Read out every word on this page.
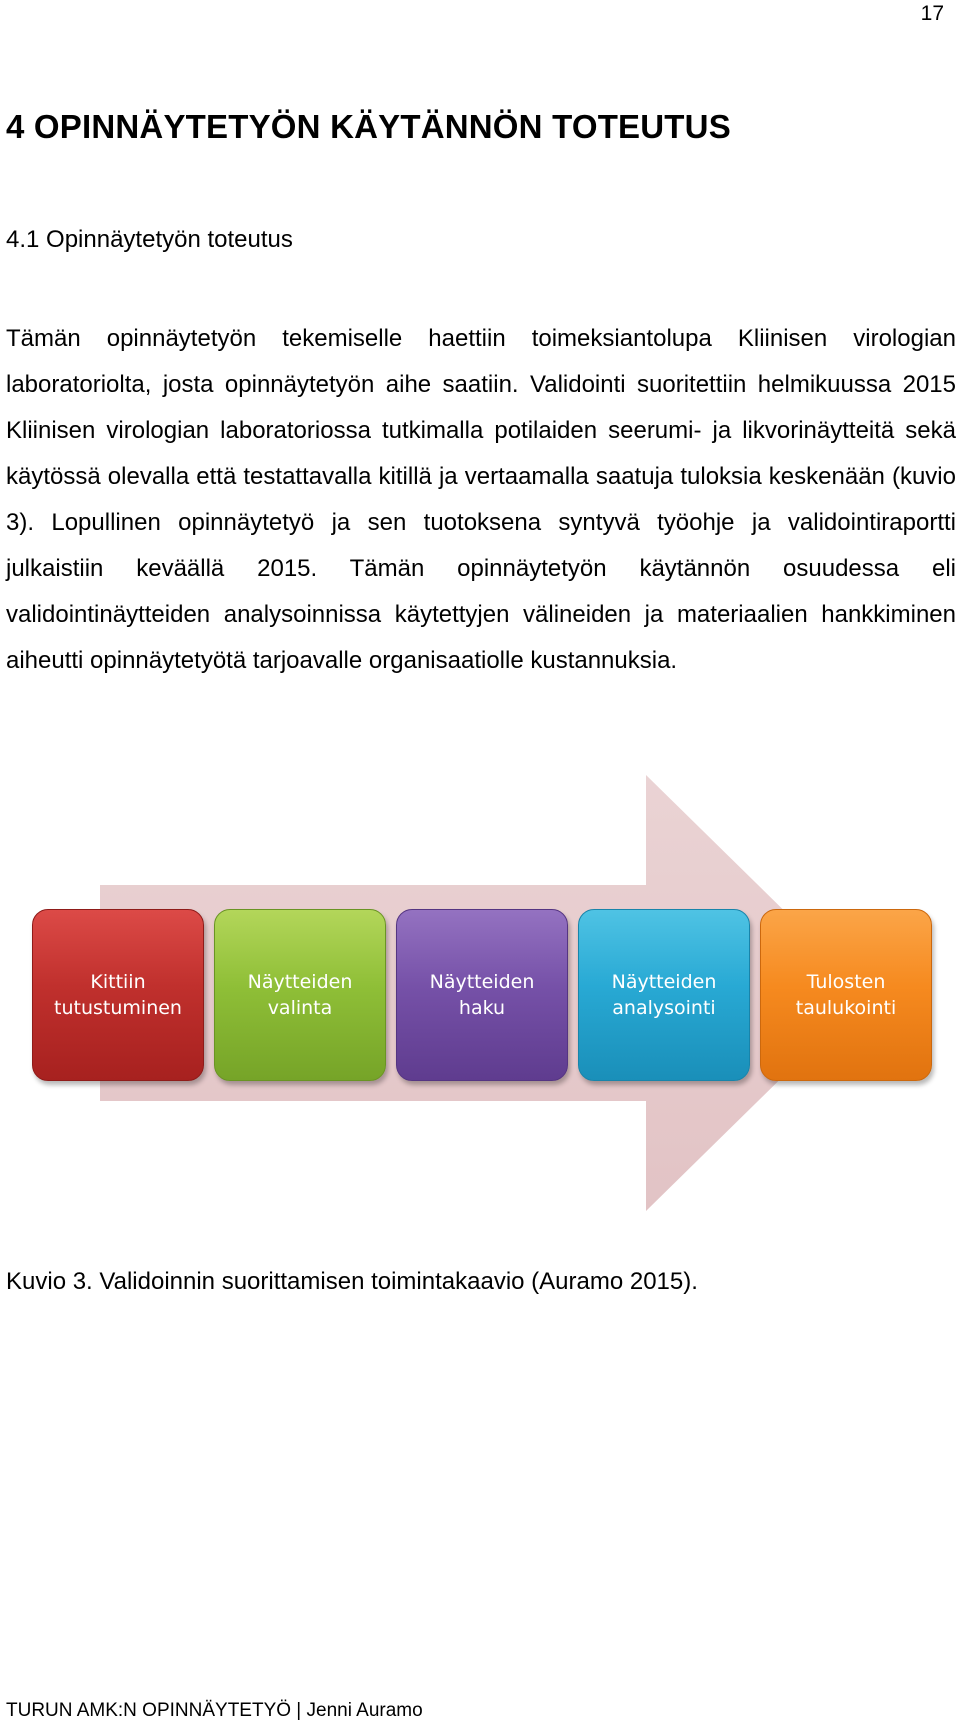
17
4 OPINNÄYTETYÖN KÄYTÄNNÖN TOTEUTUS
4.1 Opinnäytetyön toteutus

Tämän opinnäytetyön tekemiselle haettiin toimeksiantolupa Kliinisen virologian laboratoriolta, josta opinnäytetyön aihe saatiin. Validointi suoritettiin helmikuussa 2015 Kliinisen virologian laboratoriossa tutkimalla potilaiden seerumi- ja likvorinäytteitä sekä käytössä olevalla että testattavalla kitillä ja vertaamalla saatuja tuloksia keskenään (kuvio 3). Lopullinen opinnäytetyö ja sen tuotoksena syntyvä työohje ja validointiraportti julkaistiin keväällä 2015. Tämän opinnäytetyön käytännön osuudessa eli validointinäytteiden analysoinnissa käytettyjen välineiden ja materiaalien hankkiminen aiheutti opinnäytetyötä tarjoavalle organisaatiolle kustannuksia.

Kittiin
tutustuminen
Näytteiden
valinta
Näytteiden
haku
Näytteiden
analysointi
Tulosten
taulukointi

Kuvio 3. Validoinnin suorittamisen toimintakaavio (Auramo 2015).

TURUN AMK:N OPINNÄYTETYÖ | Jenni Auramo
